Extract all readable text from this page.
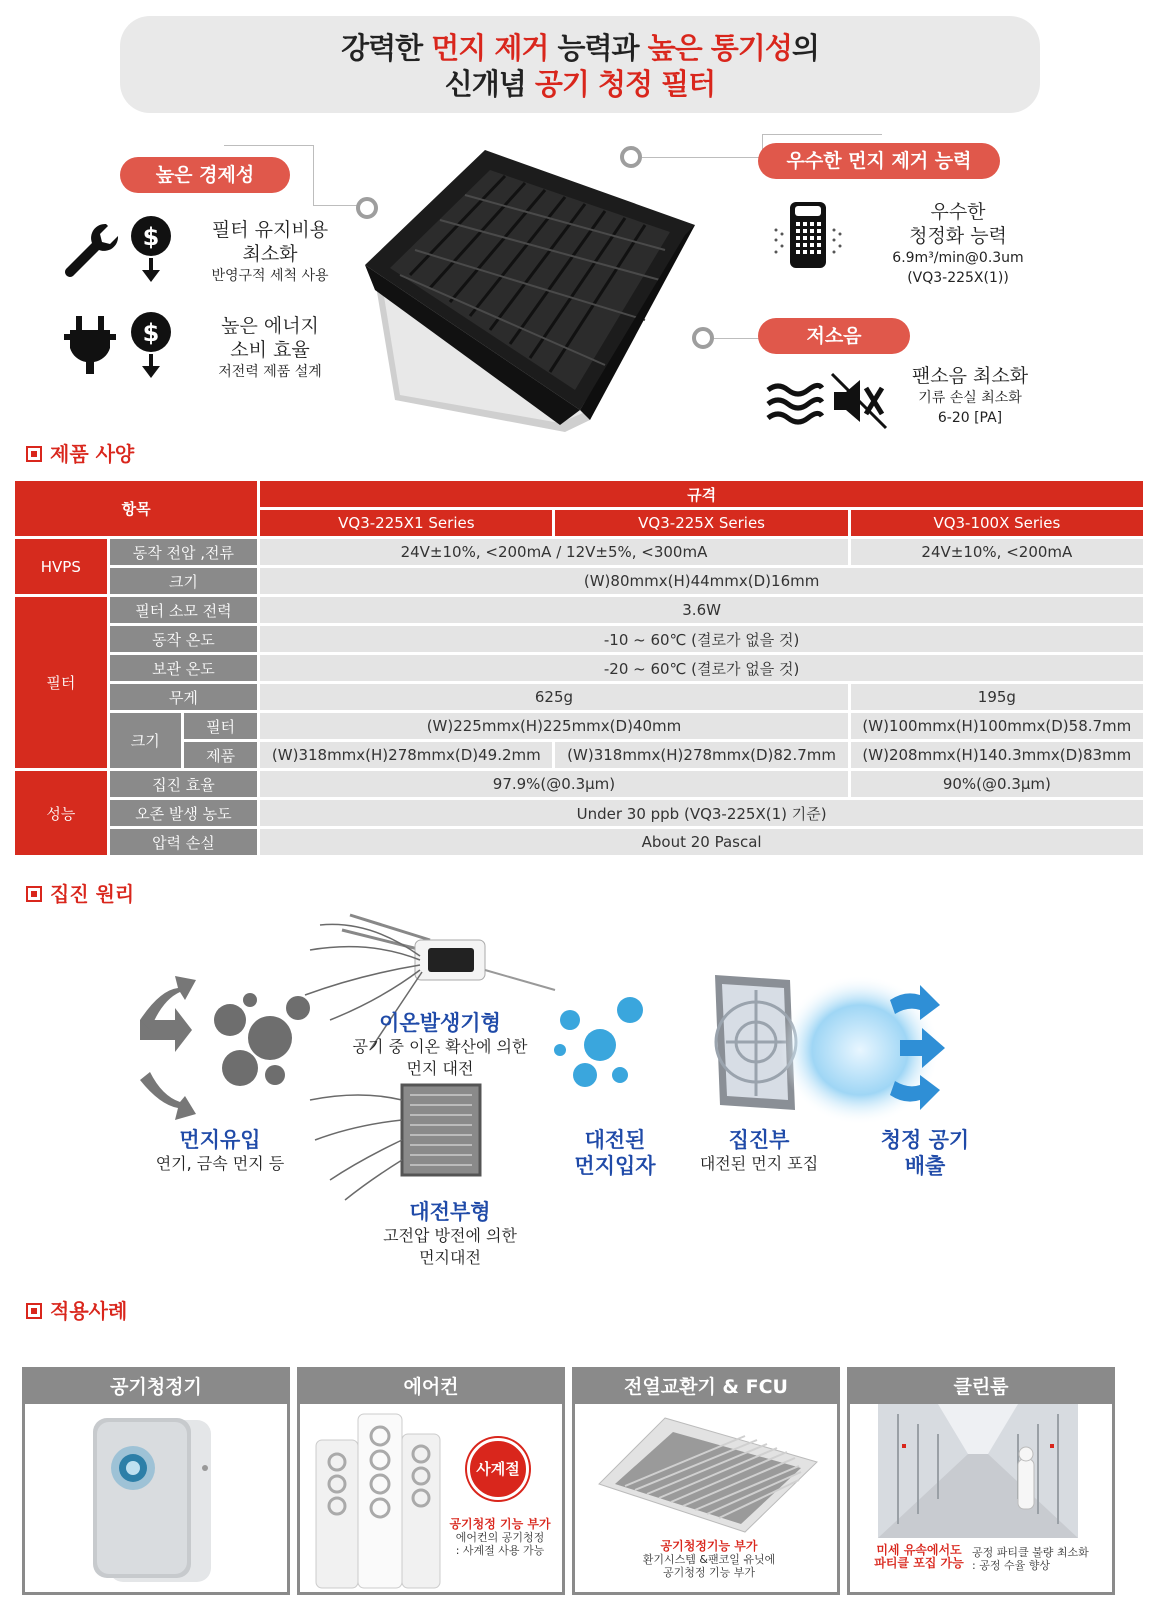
강력한 먼지 제거 능력과 높은 통기성의
신개념 공기 청정 필터
높은 경제성
$	필터 유지비용
최소화
반영구적 세척 사용
$	높은 에너지
소비 효율
저전력 제품 설계
우수한 먼지 제거 능력
우수한
청정화 능력
6.9m³/min@0.3um
(VQ3-225X(1))
저소음
팬소음 최소화
기류 손실 최소화
6-20 [PA]
제품 사양
항목			규격		
			VQ3-225X1 Series	VQ3-225X Series	VQ3-100X Series
HVPS	동작 전압 ,전류		24V±10%, <200mA / 12V±5%, <300mA		24V±10%, <200mA
	크기		(W)80mmx(H)44mmx(D)16mm		
필터	필터 소모 전력		3.6W		
	동작 온도		-10 ~ 60℃ (결로가 없을 것)		
	보관 온도		-20 ~ 60℃ (결로가 없을 것)		
	무게		625g		195g
	크기	필터	(W)225mmx(H)225mmx(D)40mm		(W)100mmx(H)100mmx(D)58.7mm
		제품	(W)318mmx(H)278mmx(D)49.2mm	(W)318mmx(H)278mmx(D)82.7mm	(W)208mmx(H)140.3mmx(D)83mm
성능	집진 효율		97.9%(@0.3μm)		90%(@0.3μm)
	오존 발생 농도		Under 30 ppb (VQ3-225X(1) 기준)		
	압력 손실		About 20 Pascal		
집진 원리
이온발생기형
공기 중 이온 확산에 의한
먼지 대전
먼지유입
연기, 금속 먼지 등
대전된
먼지입자
집진부
대전된 먼지 포집
청정 공기
배출
대전부형
고전압 방전에 의한
먼지대전
적용사례
공기청정기	에어컨
사계절
공기청정 기능 부가
에어컨의 공기청정
: 사계절 사용 가능
전열교환기 & FCU
공기청정기능 부가
환기시스템 &팬코일 유닛에
공기청정 기능 부가
클린룸
미세 유속에서도
파티클 포집 가능
공정 파티클 불량 최소화
: 공정 수율 향상
